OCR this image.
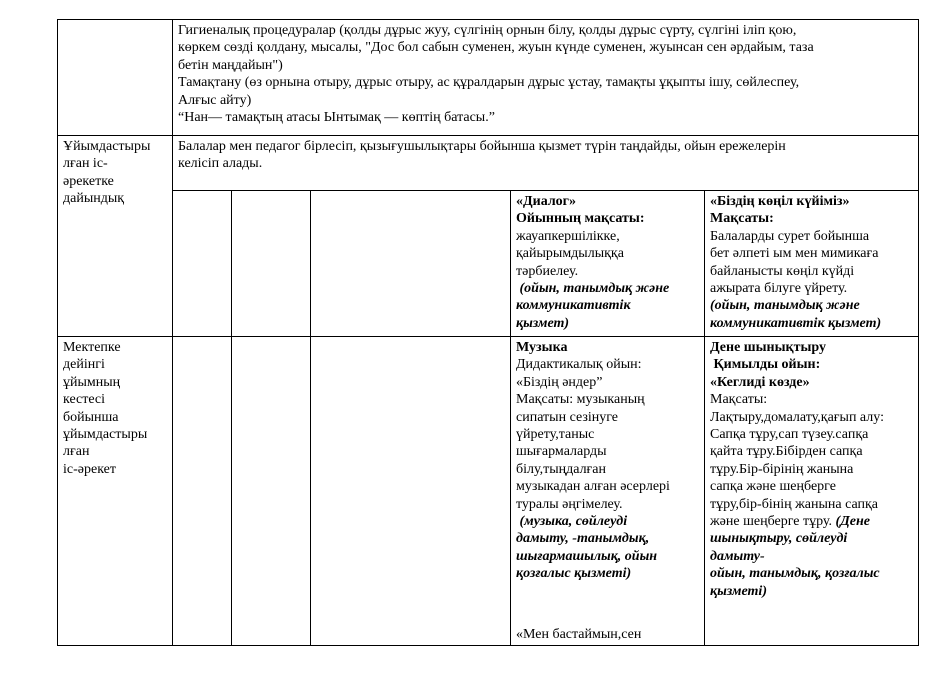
Гигиеналық процедуралар (қолды дұрыс жуу, сүлгінің орнын білу, қолды дұрыс сүрту, сүлгіні іліп қою,
көркем сөзді қолдану, мысалы, "Дос бол сабын суменен, жуын күнде суменен, жуынсан сен әрдайым, таза
бетін маңдайын")
Тамақтану (өз орнына отыру, дұрыс отыру, ас құралдарын дұрыс ұстау, тамақты ұқыпты ішу, сөйлеспеу,
Алғыс айту)
“Нан— тамақтың атасы Ынтымақ — көптің батасы.”
Ұйымдастыры
лған іс-
әрекетке
дайындық
Балалар мен педагог бірлесіп, қызығушылықтары бойынша қызмет түрін таңдайды, ойын ережелерін
келісіп алады.
«Диалог»
Ойынның мақсаты:
жауапкершілікке,
қайырымдылыққа
тәрбиелеу.
(ойын, танымдық және
коммуникативтік
қызмет)
«Біздің көңіл күйіміз»
Мақсаты:
Балаларды сурет бойынша
бет әлпеті ым мен мимикаға
байланысты көңіл күйді
ажырата білуге үйрету.
(ойын, танымдық және
коммуникативтік қызмет)
Мектепке
дейінгі
ұйымның
кестесі
бойынша
ұйымдастыры
лған
іс-әрекет
Музыка
Дидактикалық ойын:
«Біздің әндер”
Мақсаты: музыканың
сипатын сезінуге
үйрету,таныс
шығармаларды
білу,тыңдалған
музыкадан алған әсерлері
туралы әңгімелеу.
(музыка, сөйлеуді
дамыту, -танымдық,
шығармашылық, ойын
қозғалыс қызметі)
«Мен бастаймын,сен
Дене шынықтыру
Қимылды ойын:
«Кеглиді көзде»
Мақсаты:
Лақтыру,домалату,қағып алу:
Сапқа тұру,сап түзеу.сапқа
қайта тұру.Бібірден сапқа
тұру.Бір-бірінің жанына
сапқа және шеңберге
тұру,бір-бінің жанына сапқа
және шеңберге тұру. (Дене
шынықтыру, сөйлеуді
дамыту-
ойын, танымдық, қозғалыс
қызметі)
